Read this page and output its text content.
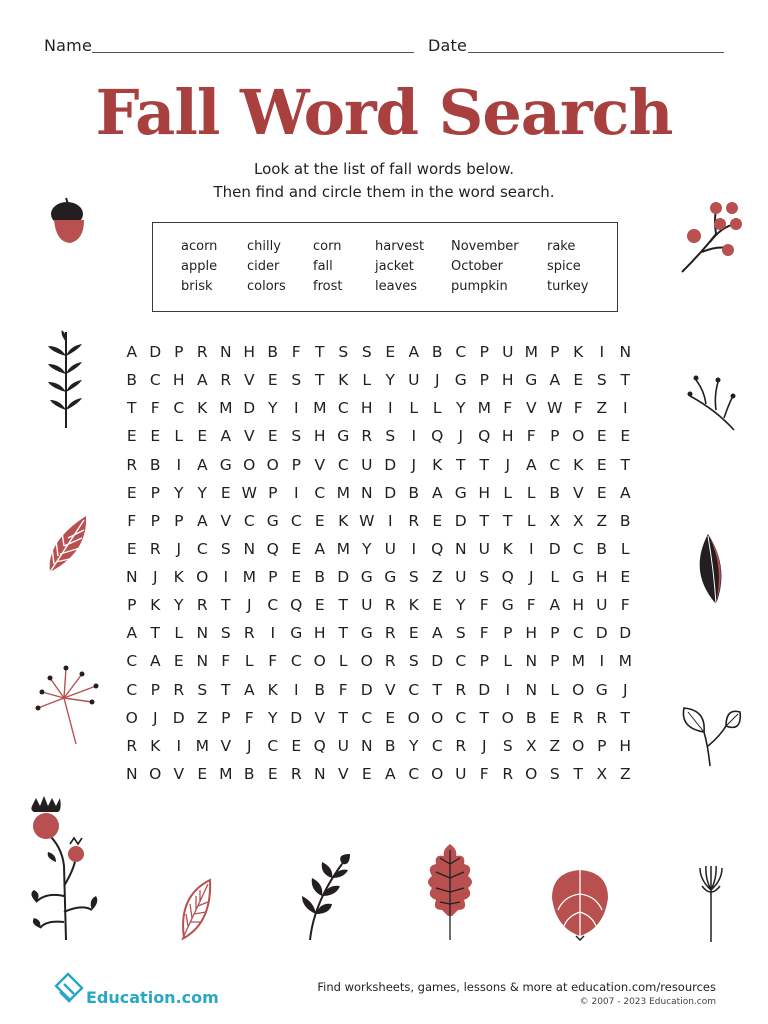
Name	Date
Fall Word Search
Look at the list of fall words below.
Then find and circle them in the word search.
acorn
apple
brisk
chilly
cider
colors
corn
fall
frost
harvest
jacket
leaves
November
October
pumpkin
rake
spice
turkey
A D P R N H B F T S S E A B C P U M P K I N
B C H A R V E S T K L Y U J G P H G A E S T
T F C K M D Y I M C H I L L Y M F V W F Z I
E E L E A V E S H G R S I Q J Q H F P O E E
R B I A G O O P V C U D J K T T J A C K E T
E P Y Y E W P I C M N D B A G H L L B V E A
F P P A V C G C E K W I R E D T T L X X Z B
E R J C S N Q E A M Y U I Q N U K I D C B L
N J K O I M P E B D G G S Z U S Q J L G H E
P K Y R T J C Q E T U R K E Y F G F A H U F
A T L N S R I G H T G R E A S F P H P C D D
C A E N F L F C O L O R S D C P L N P M I M
C P R S T A K I B F D V C T R D I N L O G J
O J D Z P F Y D V T C E O O C T O B E R R T
R K I M V J C E Q U N B Y C R J S X Z O P H
N O V E M B E R N V E A C O U F R O S T X Z
Education.com
Find worksheets, games, lessons & more at education.com/resources
© 2007 - 2023 Education.com
